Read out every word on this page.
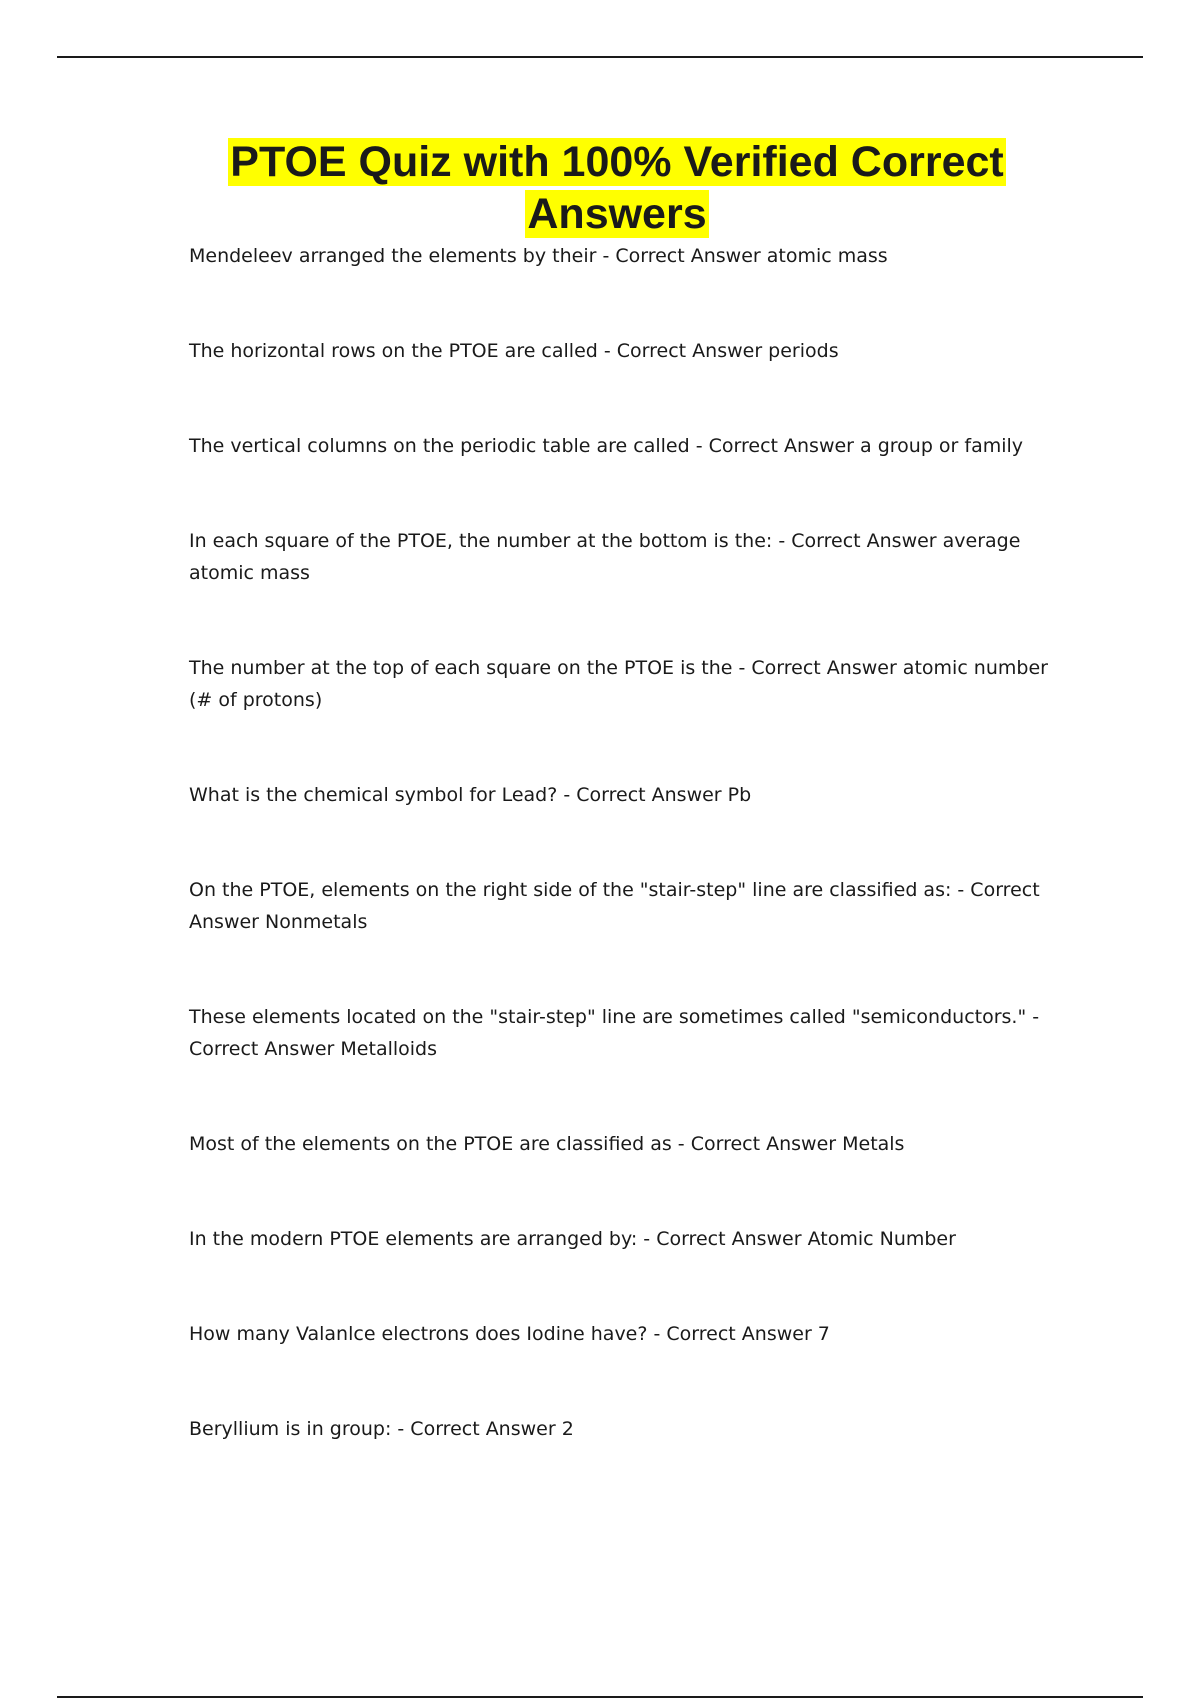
PTOE Quiz with 100% Verified Correct
Answers

Mendeleev arranged the elements by their - Correct Answer atomic mass

The horizontal rows on the PTOE are called - Correct Answer periods

The vertical columns on the periodic table are called - Correct Answer a group or family

In each square of the PTOE, the number at the bottom is the: - Correct Answer average atomic mass

The number at the top of each square on the PTOE is the - Correct Answer atomic number (# of protons)

What is the chemical symbol for Lead? - Correct Answer Pb

On the PTOE, elements on the right side of the "stair-step" line are classified as: - Correct Answer Nonmetals

These elements located on the "stair-step" line are sometimes called "semiconductors." - Correct Answer Metalloids

Most of the elements on the PTOE are classified as - Correct Answer Metals

In the modern PTOE elements are arranged by: - Correct Answer Atomic Number

How many Valanlce electrons does Iodine have? - Correct Answer 7

Beryllium is in group: - Correct Answer 2
